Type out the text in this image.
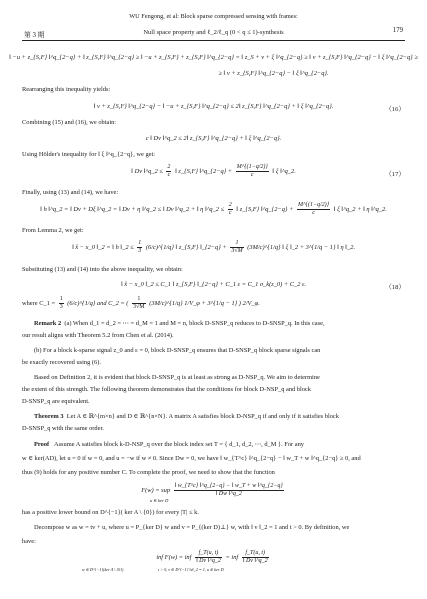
WU Fengong, et al: Block sparse compressed sensing with frames:
第 3 期	Null space property and ℓ_2/ℓ_q (0 < q ≤ 1)-synthesis	179
‖ −u + z_{S,F} ‖^q_{2−q} + ‖ z_{S,F} ‖^q_{2−q} ≥ ‖ −u + z_{S,F} + z_{S,F} ‖^q_{2−q} = ‖ z_S + v + ξ ‖^q_{2−q} ≥ ‖ v + z_{S,F} ‖^q_{2−q} − ‖ ξ ‖^q_{2−q} ≥
≥ ‖ v + z_{S,F} ‖^q_{2−q} − ‖ ξ ‖^q_{2−q}.
Rearranging this inequality yields:
‖ v + z_{S,F} ‖^q_{2−q} − ‖ −u + z_{S,F} ‖^q_{2−q} ≤ 2‖ z_{S,F} ‖^q_{2−q} + ‖ ξ ‖^q_{2−q}.	（16）
Combining (15) and (16), we obtain:
c ‖ Dv ‖^q_2 ≤ 2‖ z_{S,F} ‖^q_{2−q} + ‖ ξ ‖^q_{2−q}.
Using Hölder's inequality for ‖ ξ ‖^q_{2−q}, we get:
‖ Dv ‖^q_2 ≤ $\frac{2}{c}$ ‖ z_{S,F} ‖^q_{2−q} + $\frac{M\^{}\{(1-q/2)\}}{c}$ ‖ ξ ‖^q_2.	（17）
Finally, using (13) and (14), we have:
‖ h ‖^q_2 = ‖ Dv + Dξ ‖^q_2 = ‖ Dv + η ‖^q_2 ≤ ‖ Dv ‖^q_2 + ‖ η ‖^q_2 ≤ $\frac{2}{c}$ ‖ z_{S,F} ‖^q_{2−q} + $\frac{M\^{}\{(1-q/2)\}}{c}$ ‖ ξ ‖^q_2 + ‖ η ‖^q_2.
From Lemma 2, we get:
‖ x̂ − x_0 ‖_2 = ‖ h ‖_2 ≤ $\frac{1}{3}$ (6/c)^{1/q} ‖ z_{S,F} ‖_{2−q} + $\frac{1}{3√M}$ (3M/c)^{1/q} ‖ ξ ‖_2 + 3^{1/q − 1} ‖ η ‖_2.
Substituting (13) and (14) into the above inequality, we obtain:
‖ x̂ − x_0 ‖_2 ≤ C_1 ‖ z_{S,F} ‖_{2−q} + C_1 ε = C_1 σ_k(z_0) + C_2 ε.	（18）
where C_1 = $\frac{1}{3}$ (6/c)^{1/q} and C_2 = ( $\frac{1}{3√M}$ (3M/c)^{1/q} 1/V_φ + 3^{1/q − 1} ) 2/V_φ.
Remark 2 (a) When d_1 = d_2 = ⋯ = d_M = 1 and M = n, block D-SNSP_q reduces to D-SNSP_q. In this case,
our result aligns with Theorem 5.2 from Chen et al. (2014).
(b) For a block k-sparse signal z_0 and ε = 0, block D-SNSP_q ensures that D-SNSP_q block sparse signals can
be exactly recovered using (6).
Based on Definition 2, it is evident that block D-SNSP_q is at least as strong as D-NSP_q. We aim to determine
the extent of this strength. The following theorem demonstrates that the conditions for block D-NSP_q and block
D-SNSP_q are equivalent.
Theorem 3 Let A ∈ ℝ^{m×n} and D ∈ ℝ^{n×N}. A matrix A satisfies block D-NSP_q if and only if it satisfies block
D-SNSP_q with the same order.
Proof Assume A satisfies block k-D-NSP_q over the block index set T = { d_1, d_2, ⋯, d_M }. For any
w ∈ ker(AD), let u = 0 if w = 0, and u = −w if w ≠ 0. Since Dw = 0, we have ‖ w_{T^c} ‖^q_{2−q} − ‖ w_T + w ‖^q_{2−q} ≥ 0, and
thus (9) holds for any positive number C. To complete the proof, we need to show that the function
F(w) = sup $\frac{‖ w\_\{T\^{}c\} ‖\^{}q\_\{2-q\} - ‖ w\_T + w ‖\^{}q\_\{2-q\}}{‖ Dw ‖\^{}q\_2}$
u ∈ ker D
has a positive lower bound on D^{−1}( ker A \ {0}) for every |T| ≤ k.
Decompose w as w = tv + u, where u = P_{ker D} w and v = P_{(ker D)⊥} w, with ‖ v ‖_2 = 1 and t > 0. By definition, we
have:
inf F(w) = inf $\frac{f\_T(u, t)}{‖ Dv ‖\^{}q\_2}$ = inf $\frac{f\_T(u, t)}{‖ Dv ‖\^{}q\_2}$
w ∈ D^{−1}(ker A \ {0})	t > 0, v ∈ D^{−1} ‖v‖_2 = 1, u ∈ ker D
